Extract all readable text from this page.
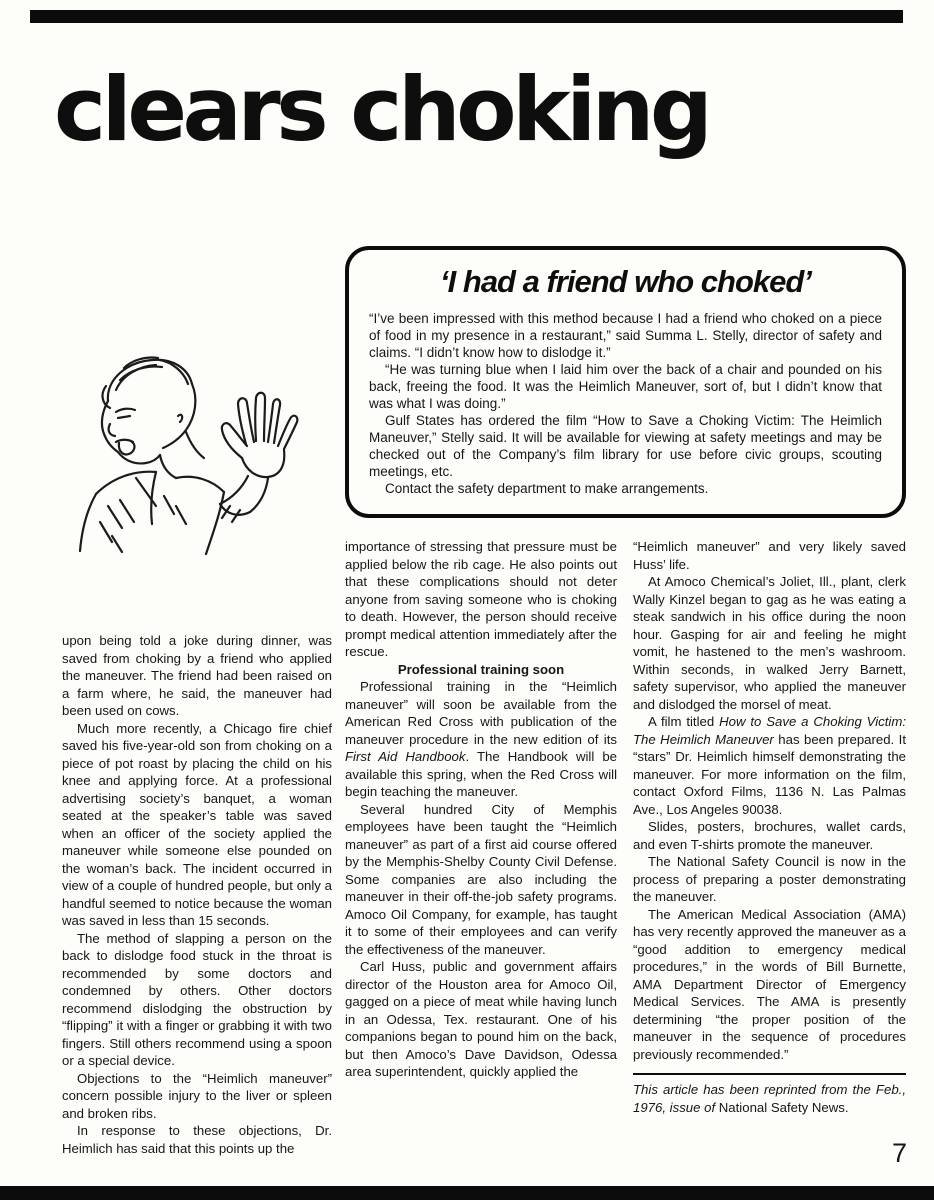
clears choking
‘I had a friend who choked’

“I’ve been impressed with this method because I had a friend who choked on a piece of food in my presence in a restaurant,” said Summa L. Stelly, director of safety and claims. “I didn’t know how to dislodge it.”

“He was turning blue when I laid him over the back of a chair and pounded on his back, freeing the food. It was the Heimlich Maneuver, sort of, but I didn’t know that was what I was doing.”

Gulf States has ordered the film “How to Save a Choking Victim: The Heimlich Maneuver,” Stelly said. It will be available for viewing at safety meetings and may be checked out of the Company’s film library for use before civic groups, scouting meetings, etc.

Contact the safety department to make arrangements.

upon being told a joke during dinner, was saved from choking by a friend who applied the maneuver. The friend had been raised on a farm where, he said, the maneuver had been used on cows.

Much more recently, a Chicago fire chief saved his five-year-old son from choking on a piece of pot roast by placing the child on his knee and applying force. At a professional advertising society’s banquet, a woman seated at the speaker’s table was saved when an officer of the society applied the maneuver while someone else pounded on the woman’s back. The incident occurred in view of a couple of hundred people, but only a handful seemed to notice because the woman was saved in less than 15 seconds.

The method of slapping a person on the back to dislodge food stuck in the throat is recommended by some doctors and condemned by others. Other doctors recommend dislodging the obstruction by “flipping” it with a finger or grabbing it with two fingers. Still others recommend using a spoon or a special device.

Objections to the “Heimlich maneuver” concern possible injury to the liver or spleen and broken ribs.

In response to these objections, Dr. Heimlich has said that this points up the

importance of stressing that pressure must be applied below the rib cage. He also points out that these complications should not deter anyone from saving someone who is choking to death. However, the person should receive prompt medical attention immediately after the rescue.

Professional training soon

Professional training in the “Heimlich maneuver” will soon be available from the American Red Cross with publication of the maneuver procedure in the new edition of its First Aid Handbook. The Handbook will be available this spring, when the Red Cross will begin teaching the maneuver.

Several hundred City of Memphis employees have been taught the “Heimlich maneuver” as part of a first aid course offered by the Memphis-Shelby County Civil Defense. Some companies are also including the maneuver in their off-the-job safety programs. Amoco Oil Company, for example, has taught it to some of their employees and can verify the effectiveness of the maneuver.

Carl Huss, public and government affairs director of the Houston area for Amoco Oil, gagged on a piece of meat while having lunch in an Odessa, Tex. restaurant. One of his companions began to pound him on the back, but then Amoco’s Dave Davidson, Odessa area superintendent, quickly applied the

“Heimlich maneuver” and very likely saved Huss’ life.

At Amoco Chemical’s Joliet, Ill., plant, clerk Wally Kinzel began to gag as he was eating a steak sandwich in his office during the noon hour. Gasping for air and feeling he might vomit, he hastened to the men’s washroom. Within seconds, in walked Jerry Barnett, safety supervisor, who applied the maneuver and dislodged the morsel of meat.

A film titled How to Save a Choking Victim: The Heimlich Maneuver has been prepared. It “stars” Dr. Heimlich himself demonstrating the maneuver. For more information on the film, contact Oxford Films, 1136 N. Las Palmas Ave., Los Angeles 90038.

Slides, posters, brochures, wallet cards, and even T-shirts promote the maneuver.

The National Safety Council is now in the process of preparing a poster demonstrating the maneuver.

The American Medical Association (AMA) has very recently approved the maneuver as a “good addition to emergency medical procedures,” in the words of Bill Burnette, AMA Department Director of Emergency Medical Services. The AMA is presently determining “the proper position of the maneuver in the sequence of procedures previously recommended.”

This article has been reprinted from the Feb., 1976, issue of National Safety News.

7
